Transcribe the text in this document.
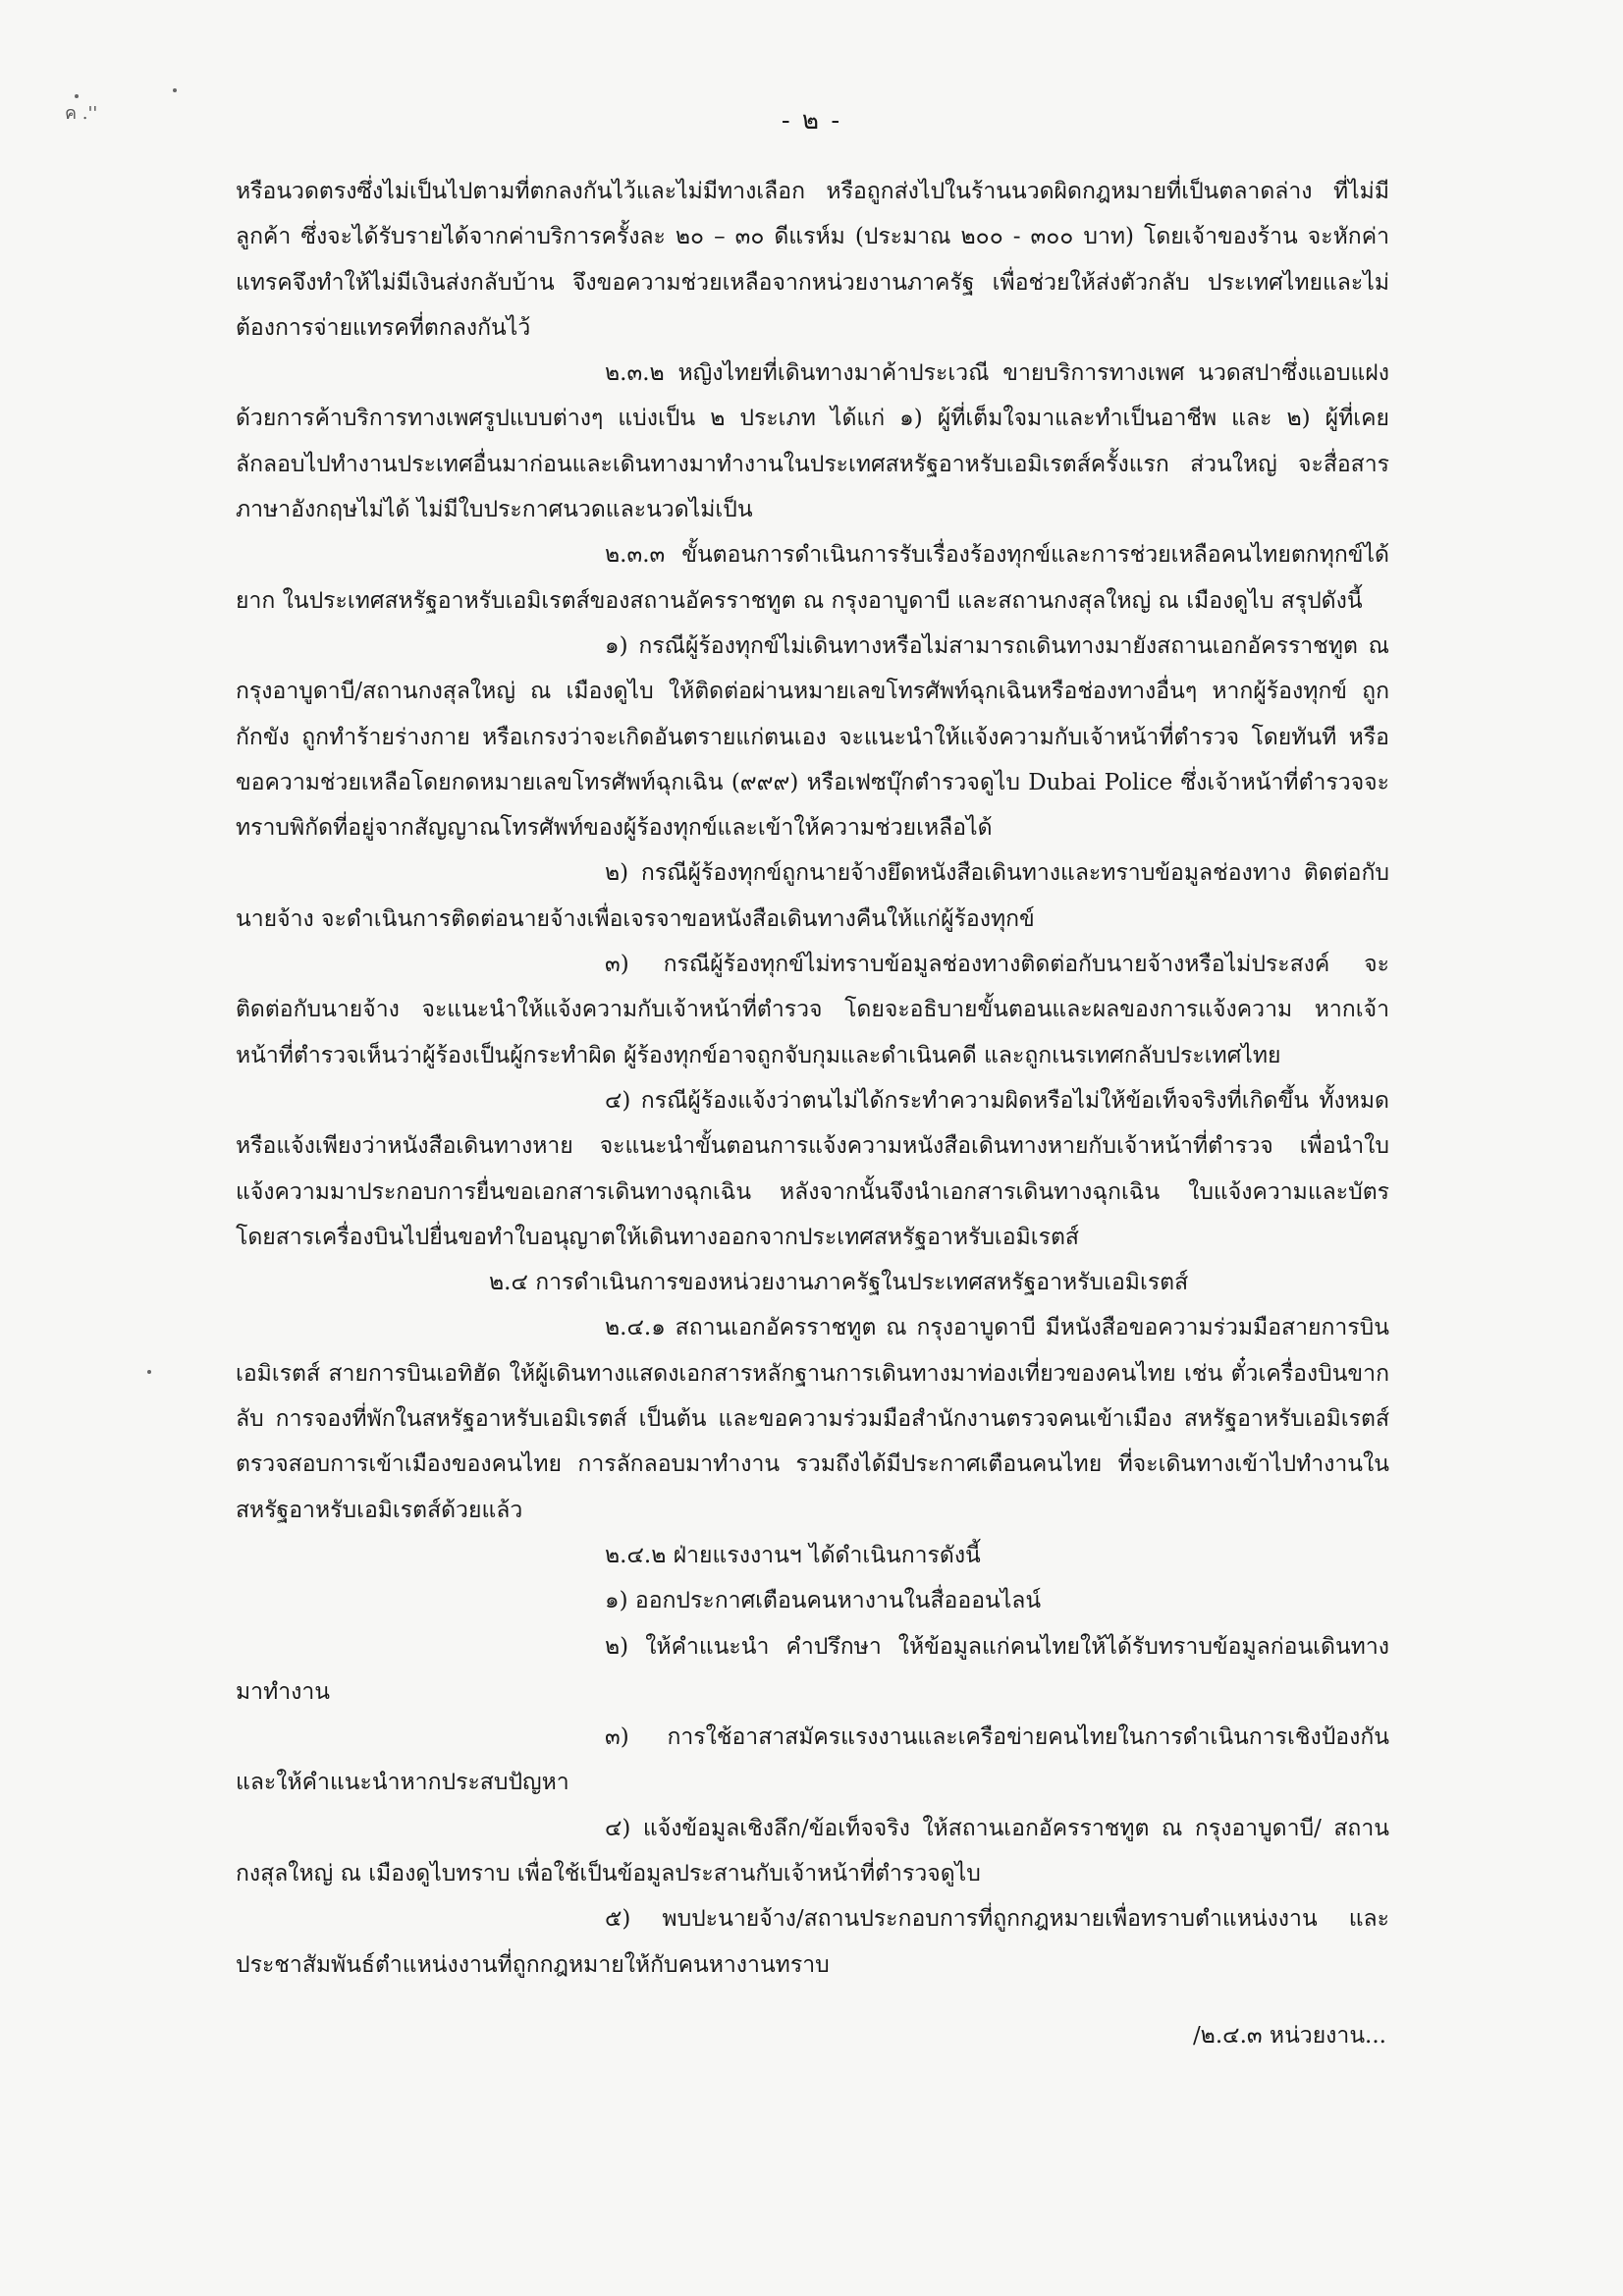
ค .''	- ๒ -

หรือนวดตรงซึ่งไม่เป็นไปตามที่ตกลงกันไว้และไม่มีทางเลือก หรือถูกส่งไปในร้านนวดผิดกฎหมายที่เป็นตลาดล่าง ที่ไม่มีลูกค้า ซึ่งจะได้รับรายได้จากค่าบริการครั้งละ ๒๐ – ๓๐ ดีแรห์ม (ประมาณ ๒๐๐ - ๓๐๐ บาท) โดยเจ้าของร้าน จะหักค่าแทรคจึงทำให้ไม่มีเงินส่งกลับบ้าน จึงขอความช่วยเหลือจากหน่วยงานภาครัฐ เพื่อช่วยให้ส่งตัวกลับ ประเทศไทยและไม่ต้องการจ่ายแทรคที่ตกลงกันไว้

๒.๓.๒ หญิงไทยที่เดินทางมาค้าประเวณี ขายบริการทางเพศ นวดสปาซึ่งแอบแฝง ด้วยการค้าบริการทางเพศรูปแบบต่างๆ แบ่งเป็น ๒ ประเภท ได้แก่ ๑) ผู้ที่เต็มใจมาและทำเป็นอาชีพ และ ๒) ผู้ที่เคย ลักลอบไปทำงานประเทศอื่นมาก่อนและเดินทางมาทำงานในประเทศสหรัฐอาหรับเอมิเรตส์ครั้งแรก ส่วนใหญ่ จะสื่อสารภาษาอังกฤษไม่ได้ ไม่มีใบประกาศนวดและนวดไม่เป็น

๒.๓.๓ ขั้นตอนการดำเนินการรับเรื่องร้องทุกข์และการช่วยเหลือคนไทยตกทุกข์ได้ยาก ในประเทศสหรัฐอาหรับเอมิเรตส์ของสถานอัครราชทูต ณ กรุงอาบูดาบี และสถานกงสุลใหญ่ ณ เมืองดูไบ สรุปดังนี้

๑) กรณีผู้ร้องทุกข์ไม่เดินทางหรือไม่สามารถเดินทางมายังสถานเอกอัครราชทูต ณ กรุงอาบูดาบี/สถานกงสุลใหญ่ ณ เมืองดูไบ ให้ติดต่อผ่านหมายเลขโทรศัพท์ฉุกเฉินหรือช่องทางอื่นๆ หากผู้ร้องทุกข์ ถูกกักขัง ถูกทำร้ายร่างกาย หรือเกรงว่าจะเกิดอันตรายแก่ตนเอง จะแนะนำให้แจ้งความกับเจ้าหน้าที่ตำรวจ โดยทันที หรือขอความช่วยเหลือโดยกดหมายเลขโทรศัพท์ฉุกเฉิน (๙๙๙) หรือเฟซบุ๊กตำรวจดูไบ Dubai Police ซึ่งเจ้าหน้าที่ตำรวจจะทราบพิกัดที่อยู่จากสัญญาณโทรศัพท์ของผู้ร้องทุกข์และเข้าให้ความช่วยเหลือได้

๒) กรณีผู้ร้องทุกข์ถูกนายจ้างยึดหนังสือเดินทางและทราบข้อมูลช่องทาง ติดต่อกับนายจ้าง จะดำเนินการติดต่อนายจ้างเพื่อเจรจาขอหนังสือเดินทางคืนให้แก่ผู้ร้องทุกข์

๓) กรณีผู้ร้องทุกข์ไม่ทราบข้อมูลช่องทางติดต่อกับนายจ้างหรือไม่ประสงค์ จะติดต่อกับนายจ้าง จะแนะนำให้แจ้งความกับเจ้าหน้าที่ตำรวจ โดยจะอธิบายขั้นตอนและผลของการแจ้งความ หากเจ้าหน้าที่ตำรวจเห็นว่าผู้ร้องเป็นผู้กระทำผิด ผู้ร้องทุกข์อาจถูกจับกุมและดำเนินคดี และถูกเนรเทศกลับประเทศไทย

๔) กรณีผู้ร้องแจ้งว่าตนไม่ได้กระทำความผิดหรือไม่ให้ข้อเท็จจริงที่เกิดขึ้น ทั้งหมด หรือแจ้งเพียงว่าหนังสือเดินทางหาย จะแนะนำขั้นตอนการแจ้งความหนังสือเดินทางหายกับเจ้าหน้าที่ตำรวจ เพื่อนำใบแจ้งความมาประกอบการยื่นขอเอกสารเดินทางฉุกเฉิน หลังจากนั้นจึงนำเอกสารเดินทางฉุกเฉิน ใบแจ้งความและบัตรโดยสารเครื่องบินไปยื่นขอทำใบอนุญาตให้เดินทางออกจากประเทศสหรัฐอาหรับเอมิเรตส์

๒.๔ การดำเนินการของหน่วยงานภาครัฐในประเทศสหรัฐอาหรับเอมิเรตส์

๒.๔.๑ สถานเอกอัครราชทูต ณ กรุงอาบูดาบี มีหนังสือขอความร่วมมือสายการบิน เอมิเรตส์ สายการบินเอทิฮัด ให้ผู้เดินทางแสดงเอกสารหลักฐานการเดินทางมาท่องเที่ยวของคนไทย เช่น ตั๋วเครื่องบินขากลับ การจองที่พักในสหรัฐอาหรับเอมิเรตส์ เป็นต้น และขอความร่วมมือสำนักงานตรวจคนเข้าเมือง สหรัฐอาหรับเอมิเรตส์ตรวจสอบการเข้าเมืองของคนไทย การลักลอบมาทำงาน รวมถึงได้มีประกาศเตือนคนไทย ที่จะเดินทางเข้าไปทำงานในสหรัฐอาหรับเอมิเรตส์ด้วยแล้ว

๒.๔.๒ ฝ่ายแรงงานฯ ได้ดำเนินการดังนี้

๑) ออกประกาศเตือนคนหางานในสื่อออนไลน์

๒) ให้คำแนะนำ คำปรึกษา ให้ข้อมูลแก่คนไทยให้ได้รับทราบข้อมูลก่อนเดินทาง มาทำงาน

๓) การใช้อาสาสมัครแรงงานและเครือข่ายคนไทยในการดำเนินการเชิงป้องกัน และให้คำแนะนำหากประสบปัญหา

๔) แจ้งข้อมูลเชิงลึก/ข้อเท็จจริง ให้สถานเอกอัครราชทูต ณ กรุงอาบูดาบี/ สถานกงสุลใหญ่ ณ เมืองดูไบทราบ เพื่อใช้เป็นข้อมูลประสานกับเจ้าหน้าที่ตำรวจดูไบ

๕) พบปะนายจ้าง/สถานประกอบการที่ถูกกฎหมายเพื่อทราบตำแหน่งงาน และประชาสัมพันธ์ตำแหน่งงานที่ถูกกฎหมายให้กับคนหางานทราบ

/๒.๔.๓ หน่วยงาน...
